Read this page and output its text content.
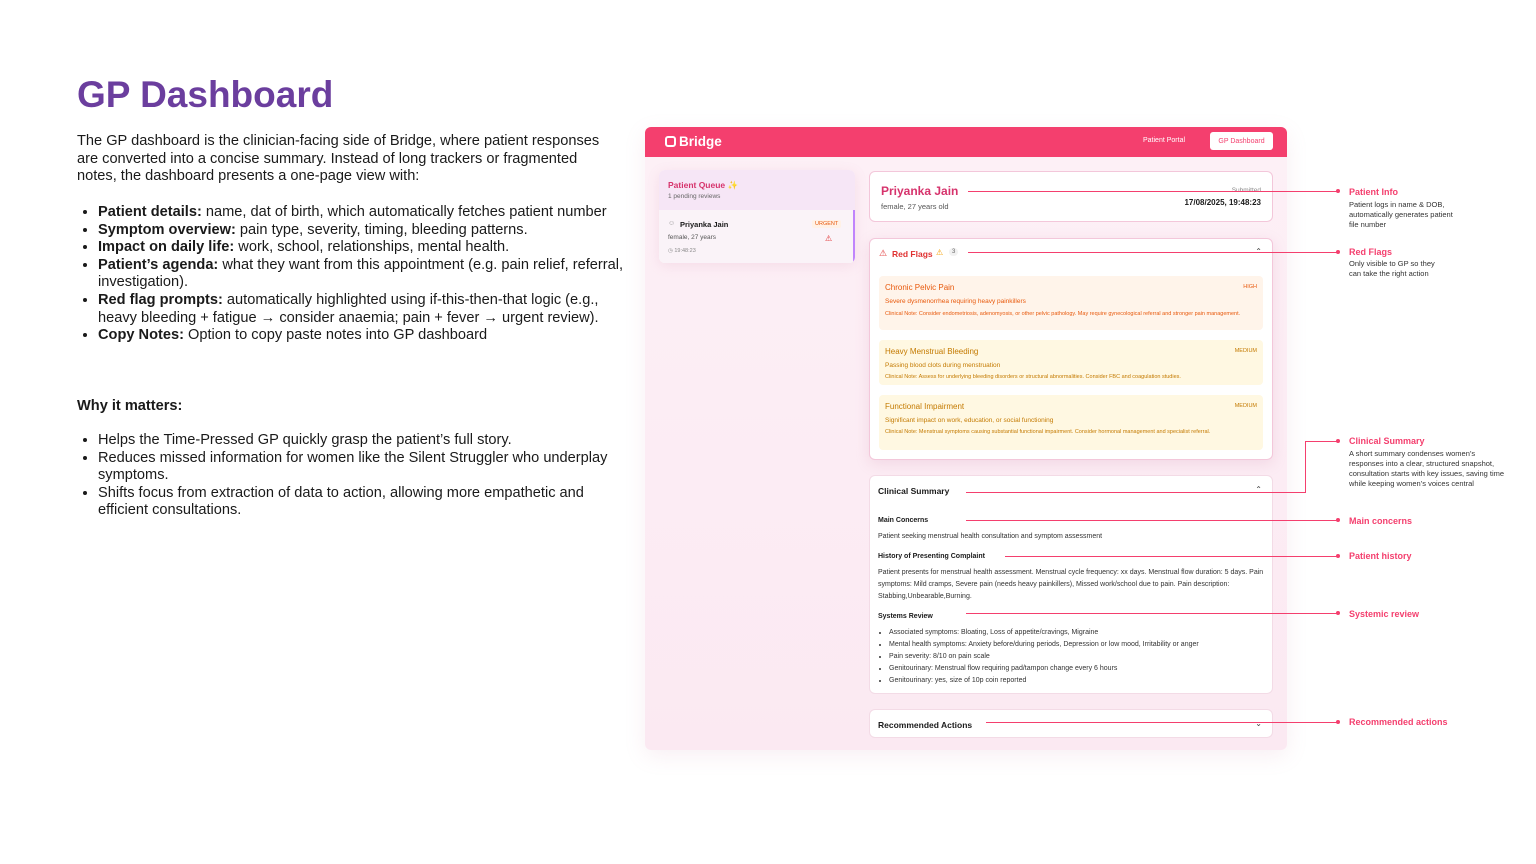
GP Dashboard

The GP dashboard is the clinician-facing side of Bridge, where patient responses are converted into a concise summary. Instead of long trackers or fragmented notes, the dashboard presents a one-page view with:

• Patient details: name, dat of birth, which automatically fetches patient number
• Symptom overview: pain type, severity, timing, bleeding patterns.
• Impact on daily life: work, school, relationships, mental health.
• Patient’s agenda: what they want from this appointment (e.g. pain relief, referral, investigation).
• Red flag prompts: automatically highlighted using if-this-then-that logic (e.g., heavy bleeding + fatigue → consider anaemia; pain + fever → urgent review).
• Copy Notes: Option to copy paste notes into GP dashboard

Why it matters:

• Helps the Time-Pressed GP quickly grasp the patient’s full story.
• Reduces missed information for women like the Silent Struggler who underplay symptoms.
• Shifts focus from extraction of data to action, allowing more empathetic and efficient consultations.
Bridge	Patient Portal	GP Dashboard
Patient Queue ✨
1 pending reviews
☺ Priyanka Jain	URGENT
⚠
female, 27 years
◷ 19:48:23
Priyanka Jain
female, 27 years old
Submitted
17/08/2025, 19:48:23
⚠ Red Flags ⚠	3	⌃
Chronic Pelvic Pain	HIGH
Severe dysmenorrhea requiring heavy painkillers
Clinical Note: Consider endometriosis, adenomyosis, or other pelvic pathology. May require gynecological referral and stronger pain management.
Heavy Menstrual Bleeding	MEDIUM
Passing blood clots during menstruation
Clinical Note: Assess for underlying bleeding disorders or structural abnormalities. Consider FBC and coagulation studies.
Functional Impairment	MEDIUM
Significant impact on work, education, or social functioning
Clinical Note: Menstrual symptoms causing substantial functional impairment. Consider hormonal management and specialist referral.
Clinical Summary	⌃
Main Concerns
Patient seeking menstrual health consultation and symptom assessment
History of Presenting Complaint
Patient presents for menstrual health assessment. Menstrual cycle frequency: xx days. Menstrual flow duration: 5 days. Pain symptoms: Mild cramps, Severe pain (needs heavy painkillers), Missed work/school due to pain. Pain description: Stabbing,Unbearable,Burning.
Systems Review
• Associated symptoms: Bloating, Loss of appetite/cravings, Migraine
• Mental health symptoms: Anxiety before/during periods, Depression or low mood, Irritability or anger
• Pain severity: 8/10 on pain scale
• Genitourinary: Menstrual flow requiring pad/tampon change every 6 hours
• Genitourinary: yes, size of 10p coin reported
Recommended Actions	⌄
Patient Info
Patient logs in name & DOB, automatically generates patient file number
Red Flags
Only visible to GP so they can take the right action
Clinical Summary
A short summary condenses women’s responses into a clear, structured snapshot, consultation starts with key issues, saving time while keeping women’s voices central
Main concerns
Patient history
Systemic review
Recommended actions
